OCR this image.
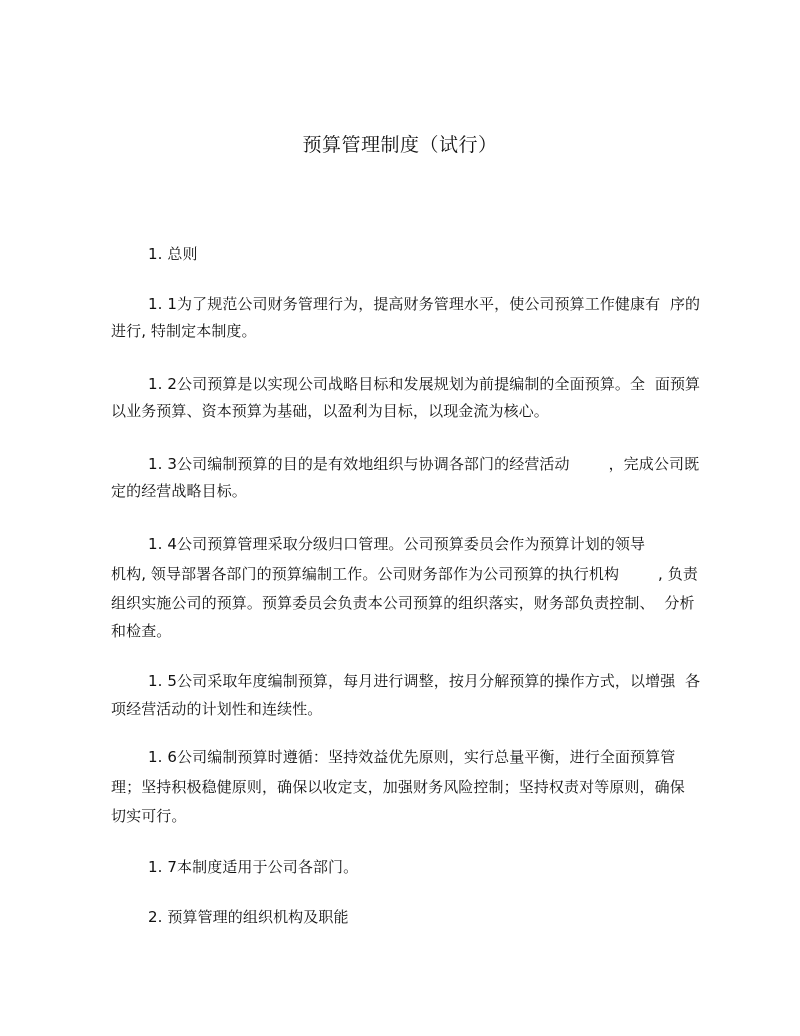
预算管理制度（试行）
1. 总则
1. 1为了规范公司财务管理行为，提高财务管理水平，使公司预算工作健康有  序的
进行, 特制定本制度。
1. 2公司预算是以实现公司战略目标和发展规划为前提编制的全面预算。全  面预算
以业务预算、资本预算为基础，以盈利为目标，以现金流为核心。
1. 3公司编制预算的目的是有效地组织与协调各部门的经营活动        ，完成公司既
定的经营战略目标。
1. 4公司预算管理采取分级归口管理。公司预算委员会作为预算计划的领导
机构, 领导部署各部门的预算编制工作。公司财务部作为公司预算的执行机构        , 负责
组织实施公司的预算。预算委员会负责本公司预算的组织落实，财务部负责控制、  分析
和检查。
1. 5公司采取年度编制预算，每月进行调整，按月分解预算的操作方式，以增强  各
项经营活动的计划性和连续性。
1. 6公司编制预算时遵循：坚持效益优先原则，实行总量平衡，进行全面预算管
理；坚持积极稳健原则，确保以收定支，加强财务风险控制；坚持权责对等原则，确保
切实可行。
1. 7本制度适用于公司各部门。
2. 预算管理的组织机构及职能
